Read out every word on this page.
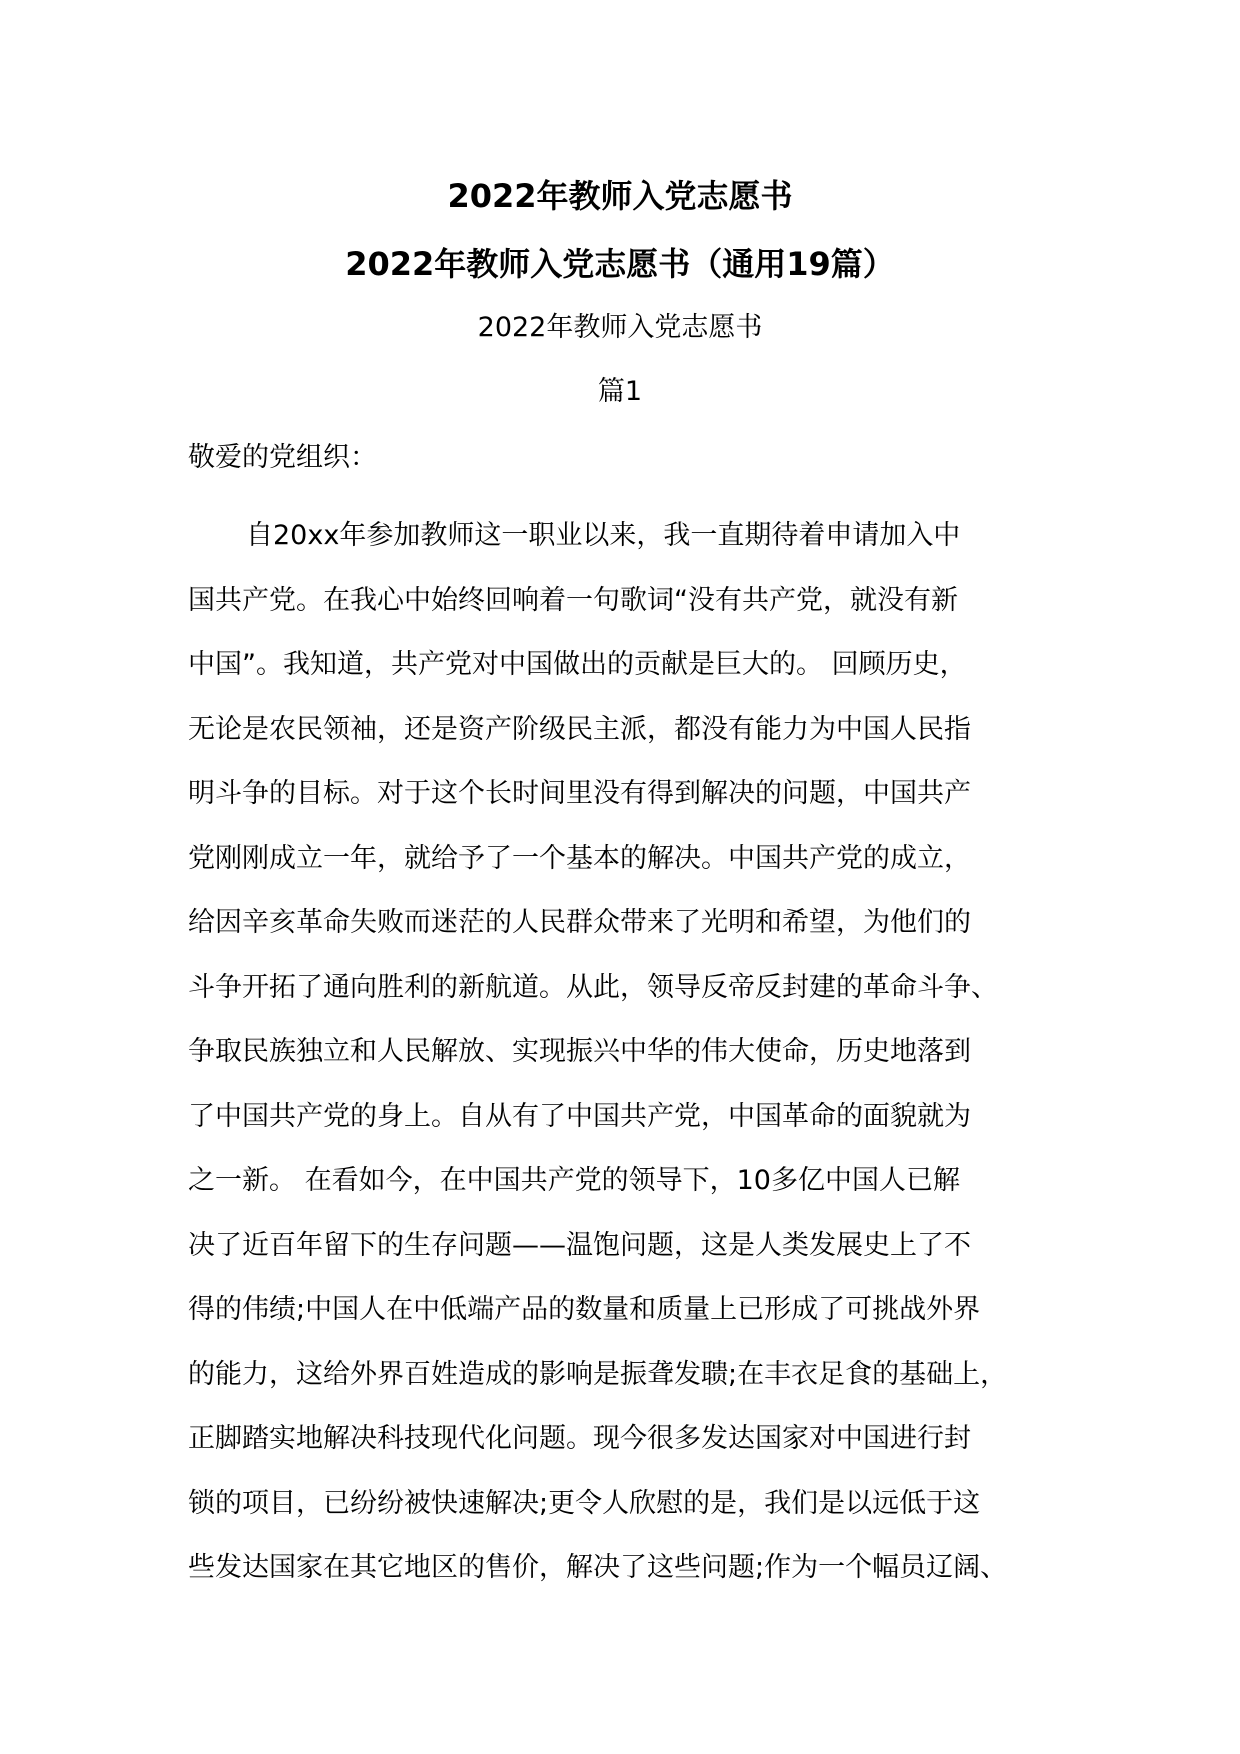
2022年教师入党志愿书
2022年教师入党志愿书（通用19篇）
2022年教师入党志愿书
篇1
敬爱的党组织：
自20xx年参加教师这一职业以来，我一直期待着申请加入中
国共产党。在我心中始终回响着一句歌词“没有共产党，就没有新
中国”。我知道，共产党对中国做出的贡献是巨大的。 回顾历史，
无论是农民领袖，还是资产阶级民主派，都没有能力为中国人民指
明斗争的目标。对于这个长时间里没有得到解决的问题，中国共产
党刚刚成立一年，就给予了一个基本的解决。中国共产党的成立，
给因辛亥革命失败而迷茫的人民群众带来了光明和希望，为他们的
斗争开拓了通向胜利的新航道。从此，领导反帝反封建的革命斗争、
争取民族独立和人民解放、实现振兴中华的伟大使命，历史地落到
了中国共产党的身上。自从有了中国共产党，中国革命的面貌就为
之一新。 在看如今，在中国共产党的领导下，10多亿中国人已解
决了近百年留下的生存问题——温饱问题，这是人类发展史上了不
得的伟绩;中国人在中低端产品的数量和质量上已形成了可挑战外界
的能力，这给外界百姓造成的影响是振聋发聩;在丰衣足食的基础上，
正脚踏实地解决科技现代化问题。现今很多发达国家对中国进行封
锁的项目，已纷纷被快速解决;更令人欣慰的是，我们是以远低于这
些发达国家在其它地区的售价，解决了这些问题;作为一个幅员辽阔、
